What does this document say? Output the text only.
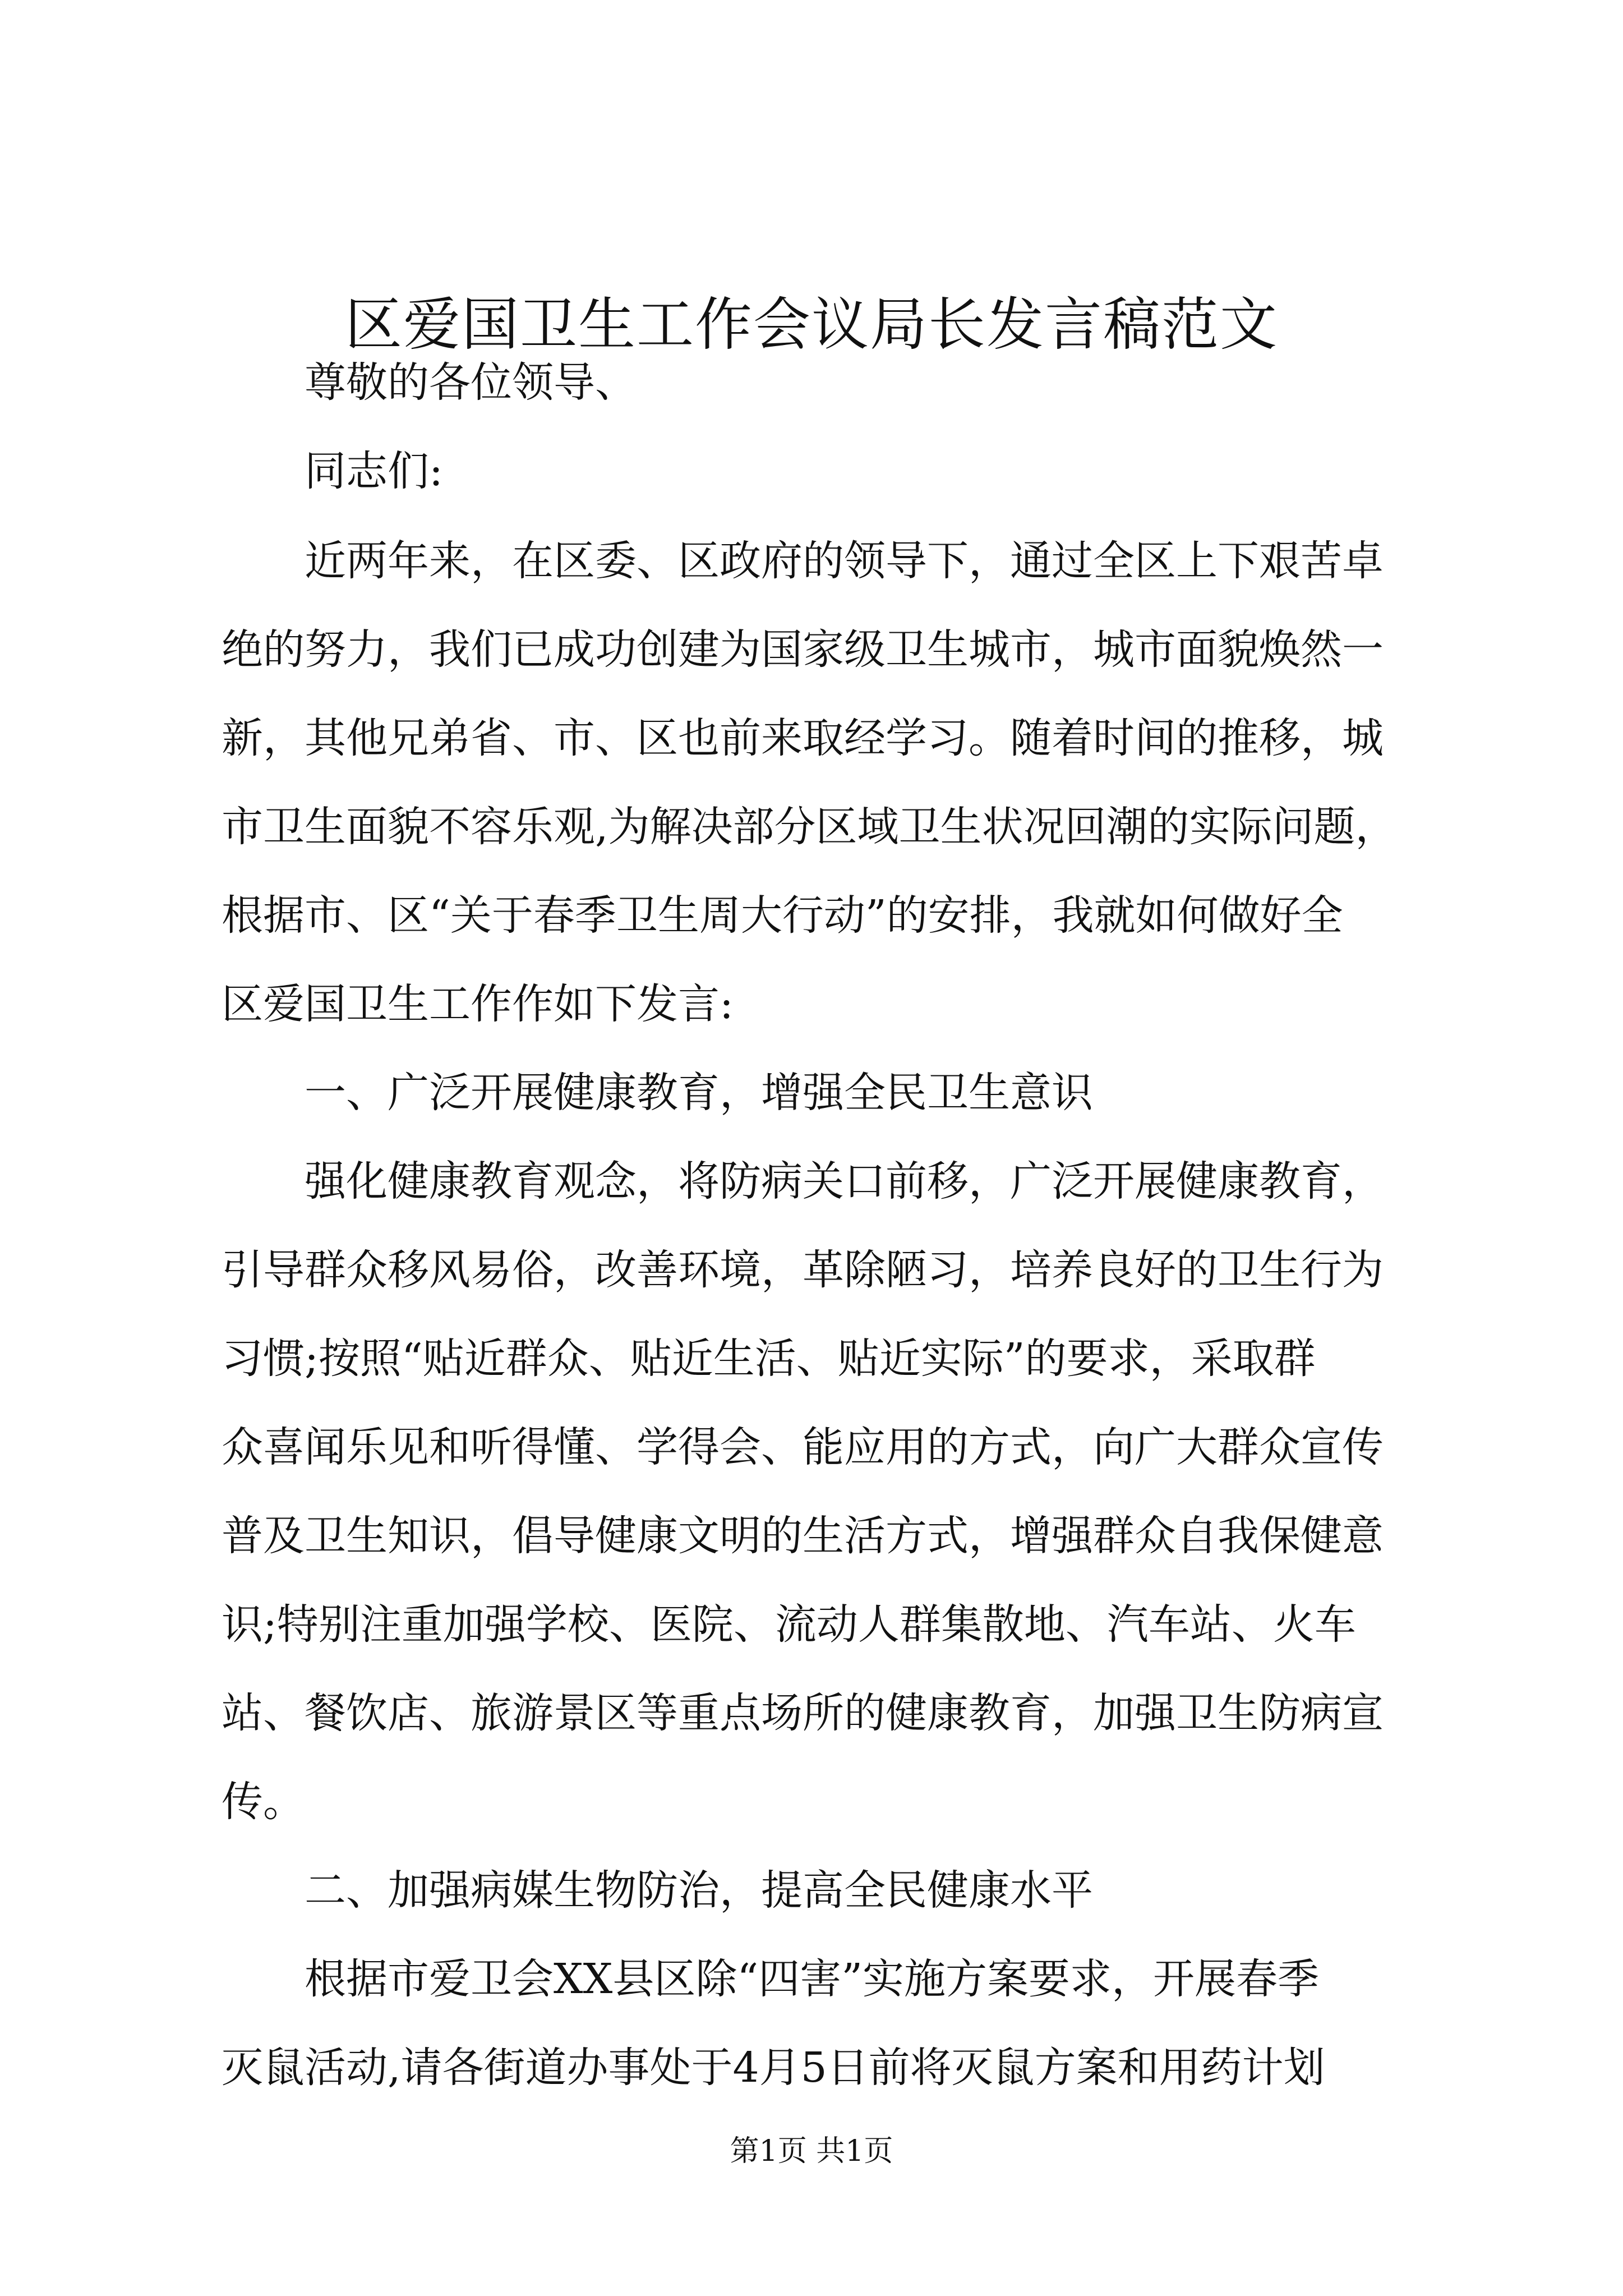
区爱国卫生工作会议局长发言稿范文

尊敬的各位领导、

同志们:

近两年来，在区委、区政府的领导下，通过全区上下艰苦卓

绝的努力，我们已成功创建为国家级卫生城市，城市面貌焕然一

新，其他兄弟省、市、区也前来取经学习。随着时间的推移，城

市卫生面貌不容乐观,为解决部分区域卫生状况回潮的实际问题，

根据市、区“关于春季卫生周大行动”的安排，我就如何做好全

区爱国卫生工作作如下发言:

一、广泛开展健康教育，增强全民卫生意识

强化健康教育观念，将防病关口前移，广泛开展健康教育，

引导群众移风易俗，改善环境，革除陋习，培养良好的卫生行为

习惯;按照“贴近群众、贴近生活、贴近实际”的要求，采取群

众喜闻乐见和听得懂、学得会、能应用的方式，向广大群众宣传

普及卫生知识，倡导健康文明的生活方式，增强群众自我保健意

识;特别注重加强学校、医院、流动人群集散地、汽车站、火车

站、餐饮店、旅游景区等重点场所的健康教育，加强卫生防病宣

传。

二、加强病媒生物防治，提高全民健康水平

根据市爱卫会XX县区除“四害”实施方案要求，开展春季

灭鼠活动,请各街道办事处于4月5日前将灭鼠方案和用药计划

第1页 共1页
